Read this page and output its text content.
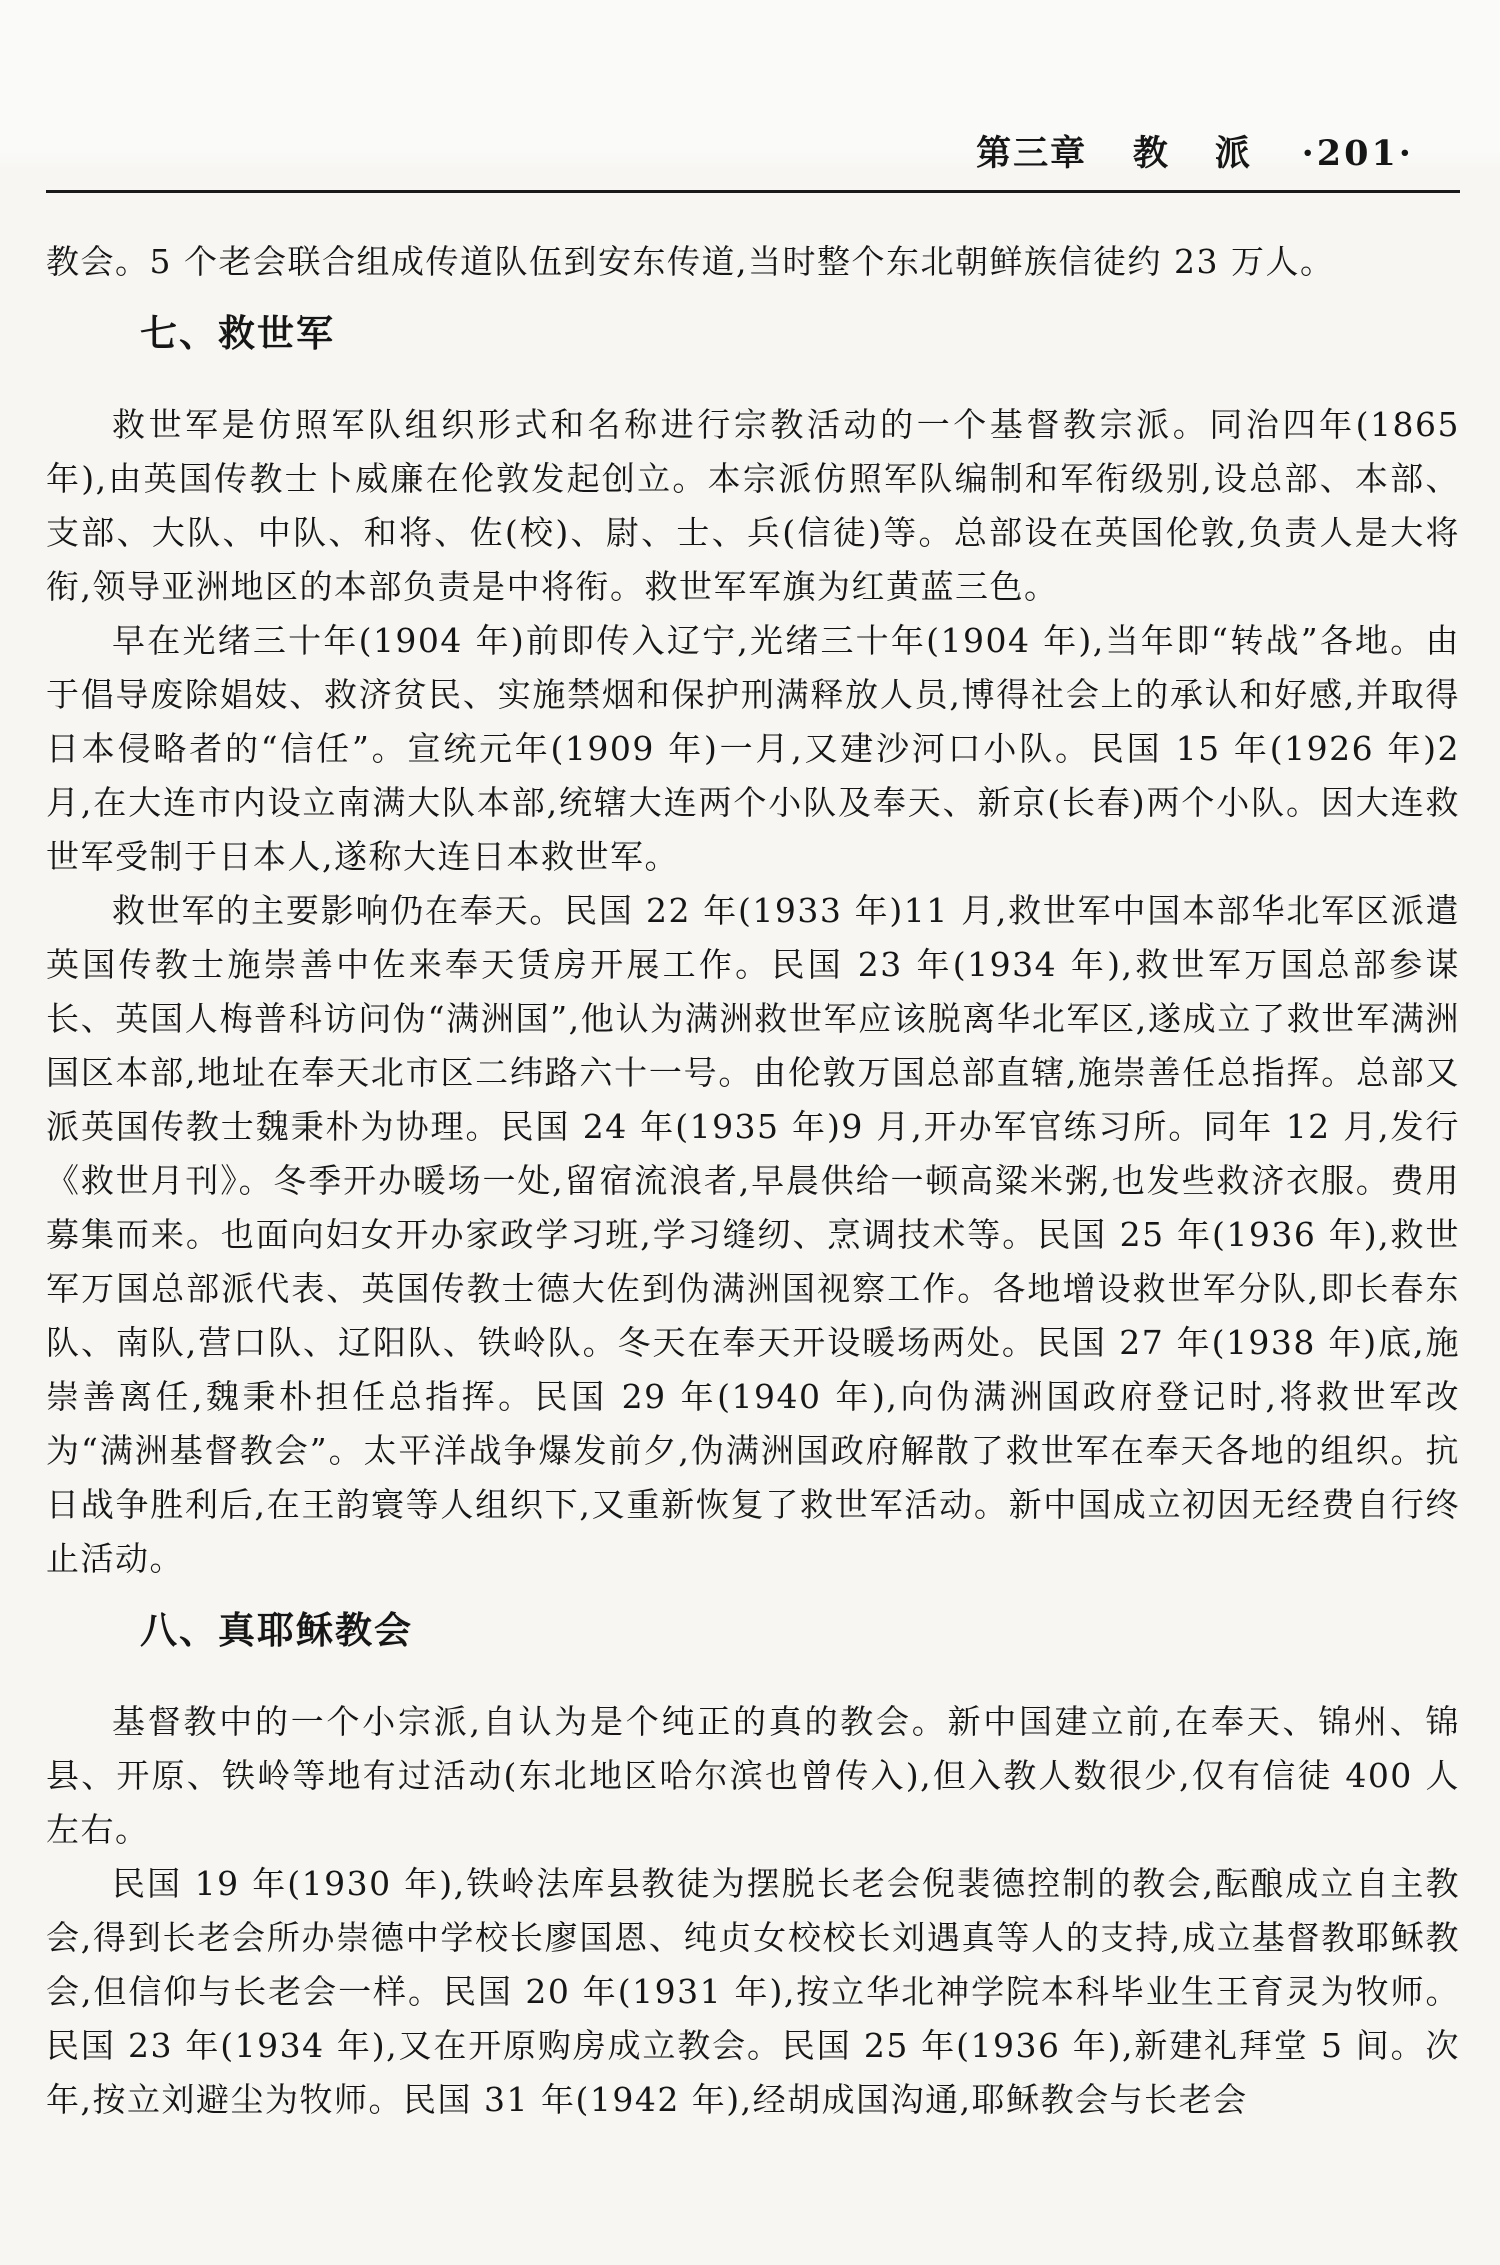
第三章 教　派 ·201·

教会。5 个老会联合组成传道队伍到安东传道,当时整个东北朝鲜族信徒约 23 万人。

七、救世军

救世军是仿照军队组织形式和名称进行宗教活动的一个基督教宗派。同治四年(1865 年),由英国传教士卜威廉在伦敦发起创立。本宗派仿照军队编制和军衔级别,设总部、本部、支部、大队、中队、和将、佐(校)、尉、士、兵(信徒)等。总部设在英国伦敦,负责人是大将衔,领导亚洲地区的本部负责是中将衔。救世军军旗为红黄蓝三色。

早在光绪三十年(1904 年)前即传入辽宁,光绪三十年(1904 年),当年即“转战”各地。由于倡导废除娼妓、救济贫民、实施禁烟和保护刑满释放人员,博得社会上的承认和好感,并取得日本侵略者的“信任”。宣统元年(1909 年)一月,又建沙河口小队。民国 15 年(1926 年)2 月,在大连市内设立南满大队本部,统辖大连两个小队及奉天、新京(长春)两个小队。因大连救世军受制于日本人,遂称大连日本救世军。

救世军的主要影响仍在奉天。民国 22 年(1933 年)11 月,救世军中国本部华北军区派遣英国传教士施崇善中佐来奉天赁房开展工作。民国 23 年(1934 年),救世军万国总部参谋长、英国人梅普科访问伪“满洲国”,他认为满洲救世军应该脱离华北军区,遂成立了救世军满洲国区本部,地址在奉天北市区二纬路六十一号。由伦敦万国总部直辖,施崇善任总指挥。总部又派英国传教士魏秉朴为协理。民国 24 年(1935 年)9 月,开办军官练习所。同年 12 月,发行《救世月刊》。冬季开办暖场一处,留宿流浪者,早晨供给一顿高粱米粥,也发些救济衣服。费用募集而来。也面向妇女开办家政学习班,学习缝纫、烹调技术等。民国 25 年(1936 年),救世军万国总部派代表、英国传教士德大佐到伪满洲国视察工作。各地增设救世军分队,即长春东队、南队,营口队、辽阳队、铁岭队。冬天在奉天开设暖场两处。民国 27 年(1938 年)底,施崇善离任,魏秉朴担任总指挥。民国 29 年(1940 年),向伪满洲国政府登记时,将救世军改为“满洲基督教会”。太平洋战争爆发前夕,伪满洲国政府解散了救世军在奉天各地的组织。抗日战争胜利后,在王韵寰等人组织下,又重新恢复了救世军活动。新中国成立初因无经费自行终止活动。

八、真耶稣教会

基督教中的一个小宗派,自认为是个纯正的真的教会。新中国建立前,在奉天、锦州、锦县、开原、铁岭等地有过活动(东北地区哈尔滨也曾传入),但入教人数很少,仅有信徒 400 人左右。

民国 19 年(1930 年),铁岭法库县教徒为摆脱长老会倪裴德控制的教会,酝酿成立自主教会,得到长老会所办崇德中学校长廖国恩、纯贞女校校长刘遇真等人的支持,成立基督教耶稣教会,但信仰与长老会一样。民国 20 年(1931 年),按立华北神学院本科毕业生王育灵为牧师。民国 23 年(1934 年),又在开原购房成立教会。民国 25 年(1936 年),新建礼拜堂 5 间。次年,按立刘避尘为牧师。民国 31 年(1942 年),经胡成国沟通,耶稣教会与长老会
